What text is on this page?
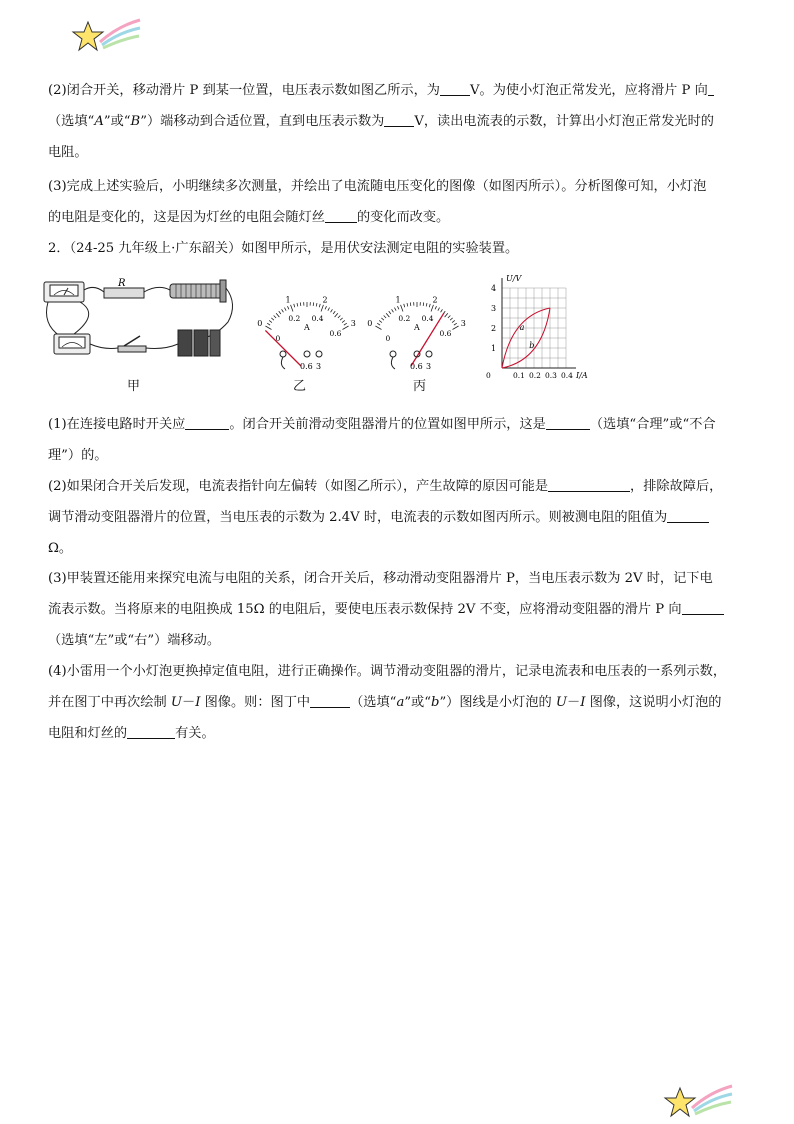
(2)闭合开关，移动滑片 P 到某一位置，电压表示数如图乙所示，为 V。为使小灯泡正常发光，应将滑片 P 向
（选填“A”或“B”）端移动到合适位置，直到电压表示数为 V，读出电流表的示数，计算出小灯泡正常发光时的
电阻。
(3)完成上述实验后，小明继续多次测量，并绘出了电流随电压变化的图像（如图丙所示）。分析图像可知，小灯泡
的电阻是变化的，这是因为灯丝的电阻会随灯丝 的变化而改变。
2．（24-25 九年级上·广东韶关）如图甲所示，是用伏安法测定电阻的实验装置。
R
甲
0
1	2
3
0.2 0.4
0.6
0
A
0.6 3
乙
0
1	2
3
0.2 0.4
0.6
0
A
0.6 3
丙
U/V
I/A
1
2
3
4
0	0.1 0.2 0.3 0.4
a
b
(1)在连接电路时开关应	。闭合开关前滑动变阻器滑片的位置如图甲所示，这是	（选填“合理”或“不合
理”）的。
(2)如果闭合开关后发现，电流表指针向左偏转（如图乙所示），产生故障的原因可能是	，排除故障后，
调节滑动变阻器滑片的位置，当电压表的示数为 2.4V 时，电流表的示数如图丙所示。则被测电阻的阻值为
Ω。
(3)甲装置还能用来探究电流与电阻的关系，闭合开关后，移动滑动变阻器滑片 P，当电压表示数为 2V 时，记下电
流表示数。当将原来的电阻换成 15Ω 的电阻后，要使电压表示数保持 2V 不变，应将滑动变阻器的滑片 P 向
（选填“左”或“右”）端移动。
(4)小雷用一个小灯泡更换掉定值电阻，进行正确操作。调节滑动变阻器的滑片，记录电流表和电压表的一系列示数，
并在图丁中再次绘制 U－I 图像。则：图丁中	（选填“a”或“b”）图线是小灯泡的 U－I 图像，这说明小灯泡的
电阻和灯丝的	有关。
